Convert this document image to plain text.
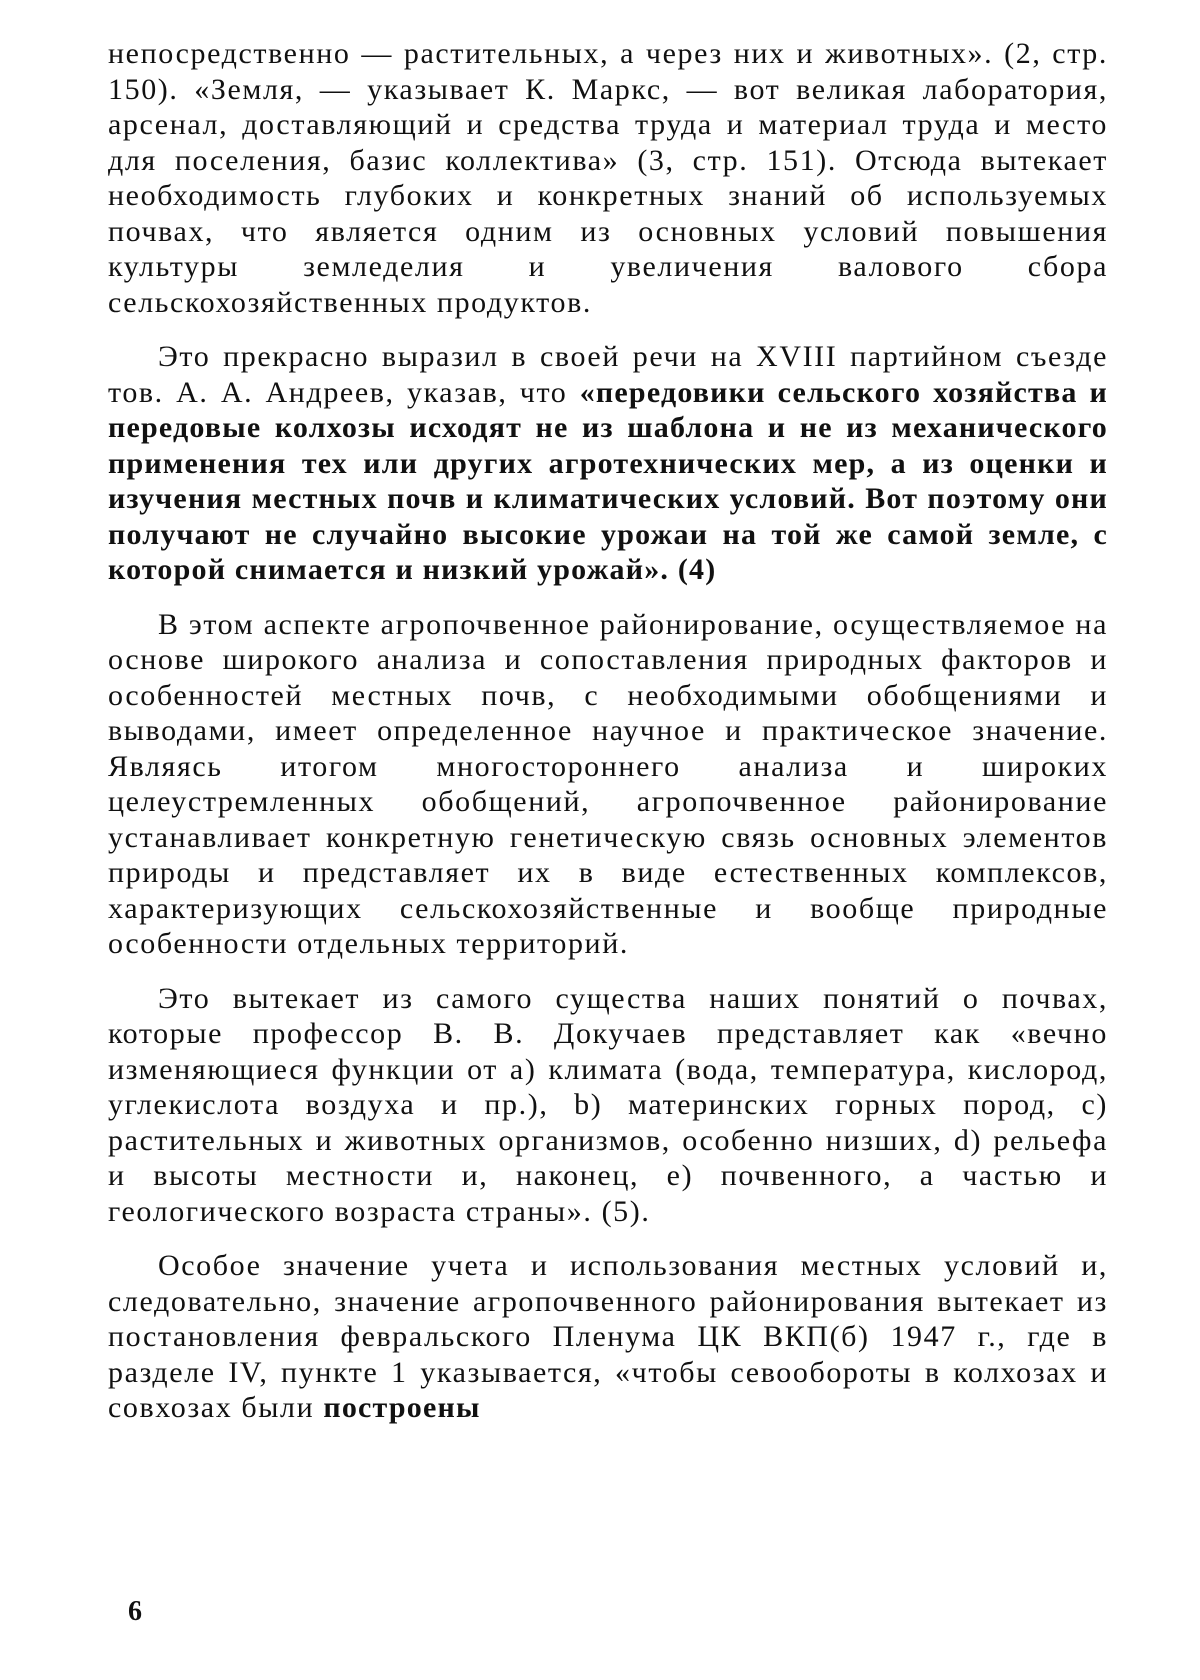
непосредственно — растительных, а через них и животных». (2, стр. 150). «Земля, — указывает К. Маркс, — вот великая лаборатория, арсенал, доставляющий и средства труда и материал труда и место для поселения, базис коллектива» (3, стр. 151). Отсюда вытекает необходимость глубоких и конкретных знаний об используемых почвах, что является одним из основных условий повышения культуры земледелия и увеличения валового сбора сельскохозяйственных продуктов.

Это прекрасно выразил в своей речи на XVIII партийном съезде тов. А. А. Андреев, указав, что «передовики сельского хозяйства и передовые колхозы исходят не из шаблона и не из механического применения тех или других агротехнических мер, а из оценки и изучения местных почв и климатических условий. Вот поэтому они получают не случайно высокие урожаи на той же самой земле, с которой снимается и низкий урожай». (4)

В этом аспекте агропочвенное районирование, осуществляемое на основе широкого анализа и сопоставления природных факторов и особенностей местных почв, с необходимыми обобщениями и выводами, имеет определенное научное и практическое значение. Являясь итогом многостороннего анализа и широких целеустремленных обобщений, агропочвенное районирование устанавливает конкретную генетическую связь основных элементов природы и представляет их в виде естественных комплексов, характеризующих сельскохозяйственные и вообще природные особенности отдельных территорий.

Это вытекает из самого существа наших понятий о почвах, которые профессор В. В. Докучаев представляет как «вечно изменяющиеся функции от а) климата (вода, температура, кислород, углекислота воздуха и пр.), b) материнских горных пород, с) растительных и животных организмов, особенно низших, d) рельефа и высоты местности и, наконец, е) почвенного, а частью и геологического возраста страны». (5).

Особое значение учета и использования местных условий и, следовательно, значение агропочвенного районирования вытекает из постановления февральского Пленума ЦК ВКП(б) 1947 г., где в разделе IV, пункте 1 указывается, «чтобы севообороты в колхозах и совхозах были построены

6
